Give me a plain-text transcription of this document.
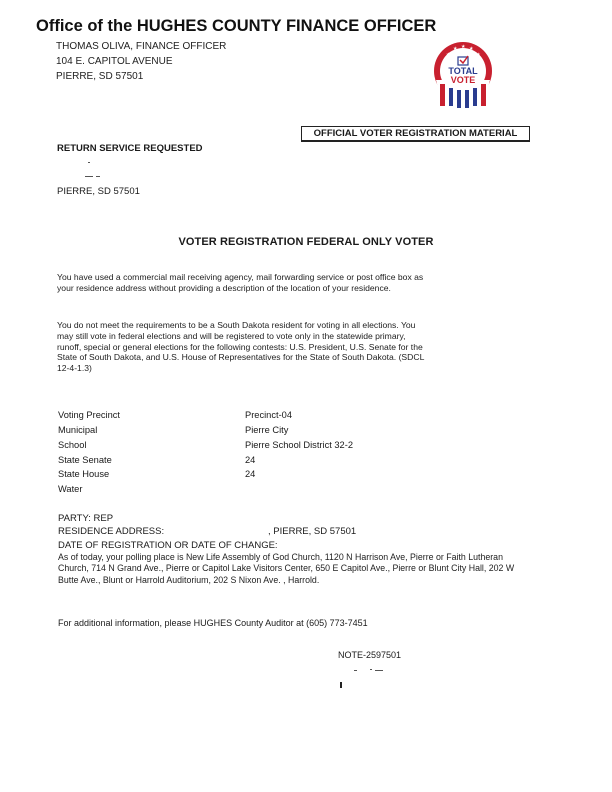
Office of the HUGHES COUNTY FINANCE OFFICER
THOMAS OLIVA, FINANCE OFFICER
104 E. CAPITOL AVENUE
PIERRE, SD 57501
★
★ ★ ★
★
TOTAL
VOTE
OFFICIAL VOTER REGISTRATION MATERIAL
RETURN SERVICE REQUESTED
PIERRE, SD 57501
VOTER REGISTRATION FEDERAL ONLY VOTER
You have used a commercial mail receiving agency, mail forwarding service or post office box as your residence address without providing a description of the location of your residence.
You do not meet the requirements to be a South Dakota resident for voting in all elections. You may still vote in federal elections and will be registered to vote only in the statewide primary, runoff, special or general elections for the following contests: U.S. President, U.S. Senate for the State of South Dakota, and U.S. House of Representatives for the State of South Dakota. (SDCL 12-4-1.3)
Voting Precinct	Precinct-04
Municipal	Pierre City
School	Pierre School District 32-2
State Senate	24
State House	24
Water
PARTY: REP
RESIDENCE ADDRESS:	, PIERRE, SD 57501
DATE OF REGISTRATION OR DATE OF CHANGE:
As of today, your polling place is New Life Assembly of God Church, 1120 N Harrison Ave, Pierre or Faith Lutheran Church, 714 N Grand Ave., Pierre or Capitol Lake Visitors Center, 650 E Capitol Ave., Pierre or Blunt City Hall, 202 W Butte Ave., Blunt or Harrold Auditorium, 202 S Nixon Ave. , Harrold.
For additional information, please HUGHES County Auditor at (605) 773-7451
NOTE-2597501
